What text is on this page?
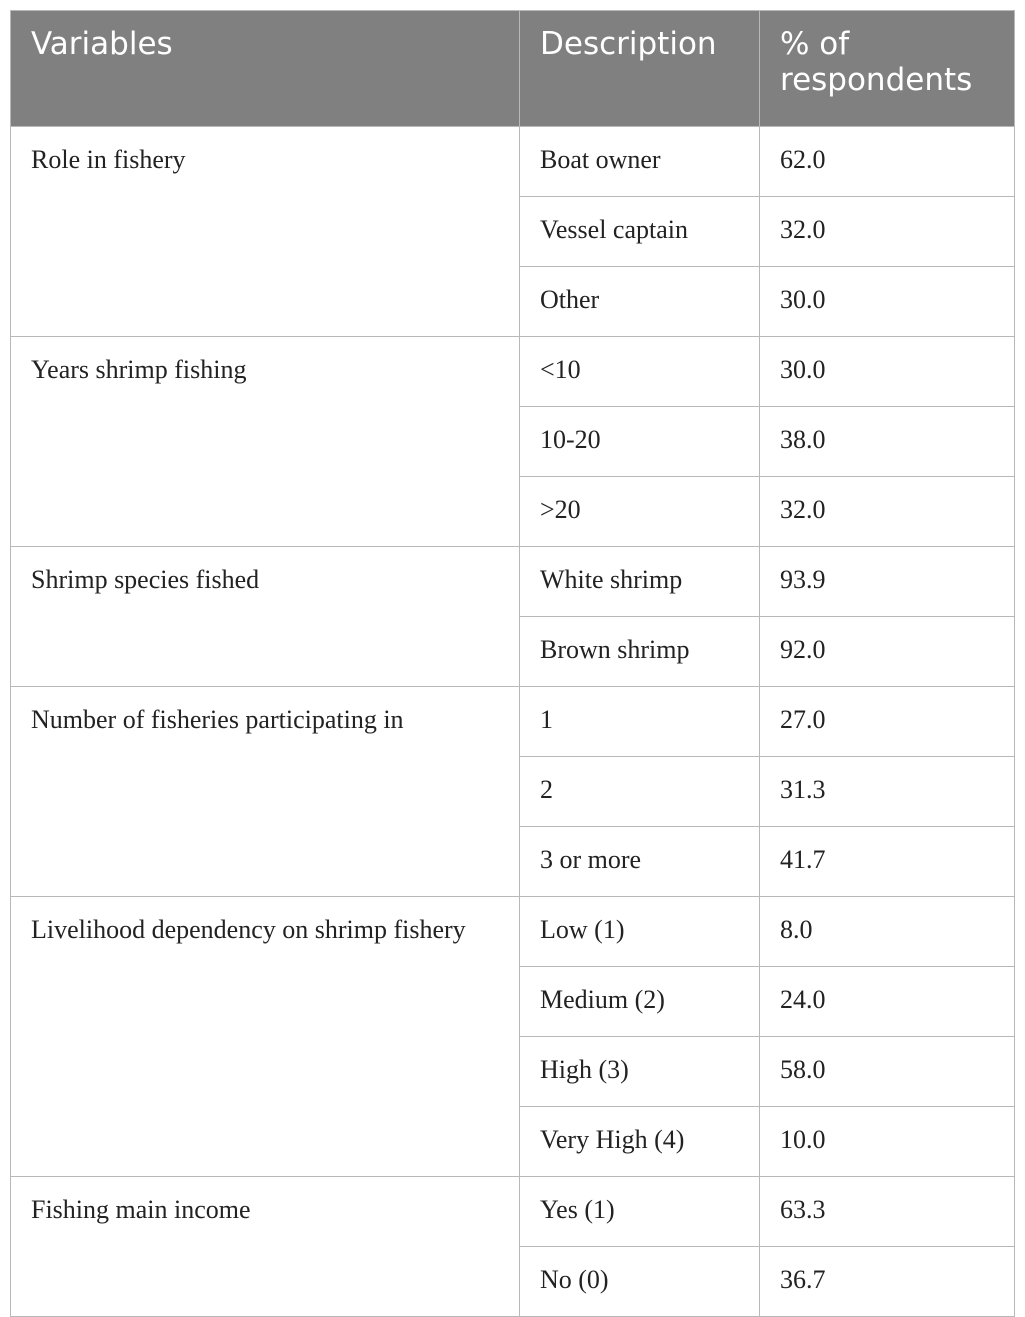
Variables	Description	% of respondents
Role in fishery	Boat owner	62.0
	Vessel captain	32.0
	Other	30.0
Years shrimp fishing	<10	30.0
	10-20	38.0
	>20	32.0
Shrimp species fished	White shrimp	93.9
	Brown shrimp	92.0
Number of fisheries participating in	1	27.0
	2	31.3
	3 or more	41.7
Livelihood dependency on shrimp fishery	Low (1)	8.0
	Medium (2)	24.0
	High (3)	58.0
	Very High (4)	10.0
Fishing main income	Yes (1)	63.3
	No (0)	36.7
